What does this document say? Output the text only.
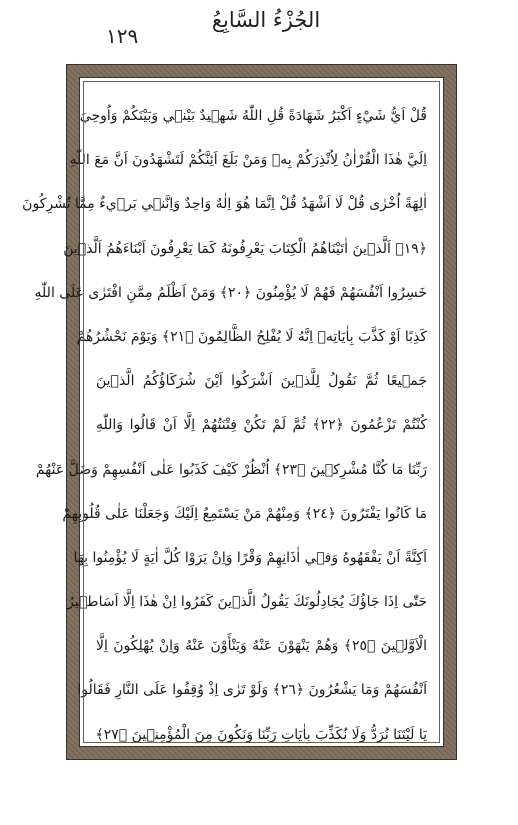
١٢٩
الجُزْءُ السَّابِعُ
قُلْ اَيُّ شَيْءٍ اَكْبَرُ شَهَادَةً قُلِ اللّٰهُ شَهٖيدٌ بَيْنٖي وَبَيْنَكُمْ وَاُوحِيَ
اِلَيَّ هٰذَا الْقُرْاٰنُ لِاُنْذِرَكُمْ بِهٖ وَمَنْ بَلَغَ اَئِنَّكُمْ لَتَشْهَدُونَ اَنَّ مَعَ اللّٰهِ
اٰلِهَةً اُخْرٰى قُلْ لَا اَشْهَدُ قُلْ اِنَّمَا هُوَ اِلٰهٌ وَاحِدٌ وَاِنَّنٖي بَرٖيءٌ مِمَّا تُشْرِكُونَ
﴿١٩﴾ اَلَّذٖينَ اٰتَيْنَاهُمُ الْكِتَابَ يَعْرِفُونَهُ كَمَا يَعْرِفُونَ اَبْنَاءَهُمُ اَلَّذٖينَ
خَسِرُوا اَنْفُسَهُمْ فَهُمْ لَا يُؤْمِنُونَ ﴿٢٠﴾ وَمَنْ اَظْلَمُ مِمَّنِ افْتَرٰى عَلَى اللّٰهِ
كَذِبًا اَوْ كَذَّبَ بِاٰيَاتِهٖ اِنَّهُ لَا يُفْلِحُ الظَّالِمُونَ ﴿٢١﴾ وَيَوْمَ نَحْشُرُهُمْ
جَمٖيعًا ثُمَّ نَقُولُ لِلَّذٖينَ اَشْرَكُوا اَيْنَ شُرَكَاؤُكُمُ الَّذٖينَ
كُنْتُمْ تَزْعُمُونَ ﴿٢٢﴾ ثُمَّ لَمْ تَكُنْ فِتْنَتُهُمْ اِلَّا اَنْ قَالُوا وَاللّٰهِ
رَبِّنَا مَا كُنَّا مُشْرِكٖينَ ﴿٢٣﴾ اُنْظُرْ كَيْفَ كَذَبُوا عَلٰى اَنْفُسِهِمْ وَضَلَّ عَنْهُمْ
مَا كَانُوا يَفْتَرُونَ ﴿٢٤﴾ وَمِنْهُمْ مَنْ يَسْتَمِعُ اِلَيْكَ وَجَعَلْنَا عَلٰى قُلُوبِهِمْ
اَكِنَّةً اَنْ يَفْقَهُوهُ وَفٖي اٰذَانِهِمْ وَقْرًا وَاِنْ يَرَوْا كُلَّ اٰيَةٍ لَا يُؤْمِنُوا بِهَا
حَتّٰى اِذَا جَاؤُكَ يُجَادِلُونَكَ يَقُولُ الَّذٖينَ كَفَرُوا اِنْ هٰذَا اِلَّا اَسَاطٖيرُ
الْاَوَّلٖينَ ﴿٢٥﴾ وَهُمْ يَنْهَوْنَ عَنْهُ وَيَنْأَوْنَ عَنْهُ وَاِنْ يُهْلِكُونَ اِلَّا
اَنْفُسَهُمْ وَمَا يَشْعُرُونَ ﴿٢٦﴾ وَلَوْ تَرٰى اِذْ وُقِفُوا عَلَى النَّارِ فَقَالُوا
يَا لَيْتَنَا نُرَدُّ وَلَا نُكَذِّبَ بِاٰيَاتِ رَبِّنَا وَنَكُونَ مِنَ الْمُؤْمِنٖينَ ﴿٢٧﴾
